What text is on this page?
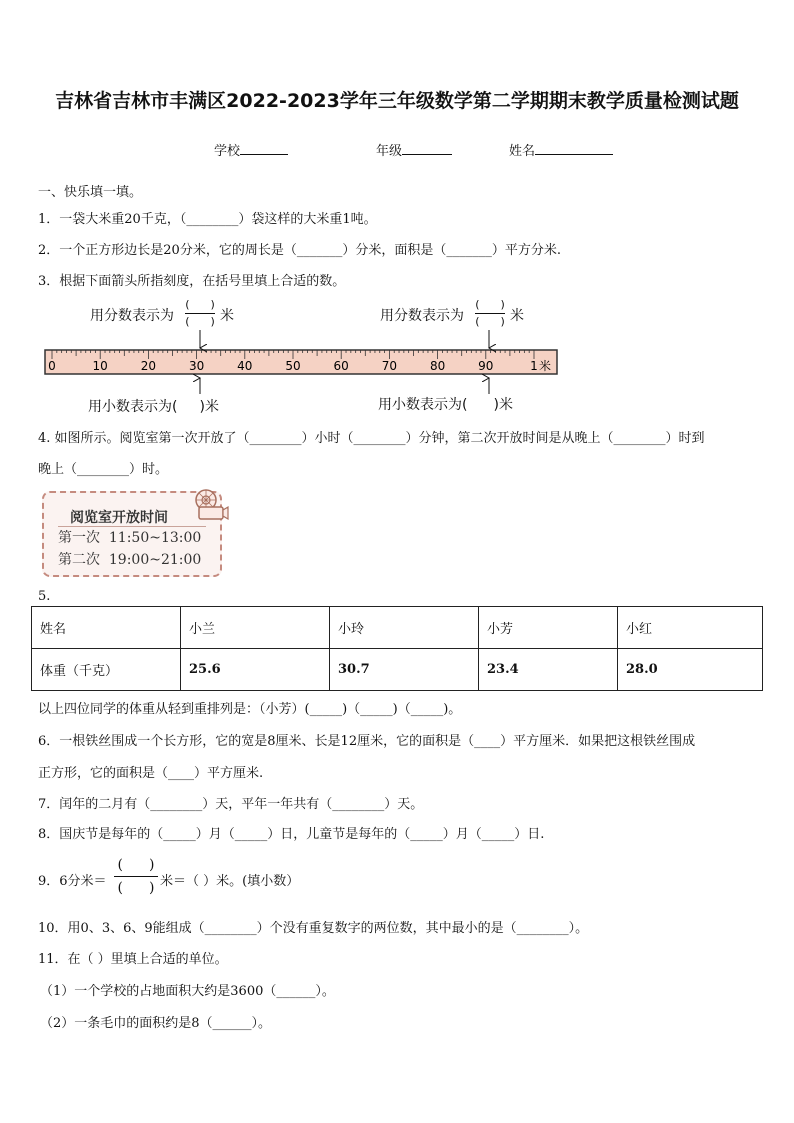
吉林省吉林市丰满区2022-2023学年三年级数学第二学期期末教学质量检测试题
学校	年级	姓名
一、快乐填一填。
1．一袋大米重20千克，（________）袋这样的大米重1吨。
2．一个正方形边长是20分米，它的周长是（_______）分米，面积是（_______）平方分米.
3．根据下面箭头所指刻度，在括号里填上合适的数。
用分数表示为
(      )
(      ) 米	用分数表示为
(      )
(      ) 米
0	10	20	30	40	50	60	70	80	90	1 米
用小数表示为( )米	用小数表示为( )米
4. 如图所示。阅览室第一次开放了（________）小时（________）分钟，第二次开放时间是从晚上（________）时到
晚上（________）时。
阅览室开放时间
第一次  11:50~13:00
第二次  19:00~21:00
5.
姓名	小兰	小玲	小芳	小红
体重（千克）	25.6	30.7	23.4	28.0
以上四位同学的体重从轻到重排列是：（小芳）(_____)（_____)（_____)。
6．一根铁丝围成一个长方形，它的宽是8厘米、长是12厘米，它的面积是（____）平方厘米．如果把这根铁丝围成
正方形，它的面积是（____）平方厘米.
7．闰年的二月有（________）天，平年一年共有（________）天。
8．国庆节是每年的（_____）月（_____）日，儿童节是每年的（_____）月（_____）日.
9．6分米＝
( )
( ) 米＝（ ）米。(填小数）
10．用0、3、6、9能组成（________）个没有重复数字的两位数，其中最小的是（________）。
11．在（ ）里填上合适的单位。
（1）一个学校的占地面积大约是3600（______）。
（2）一条毛巾的面积约是8（______）。
